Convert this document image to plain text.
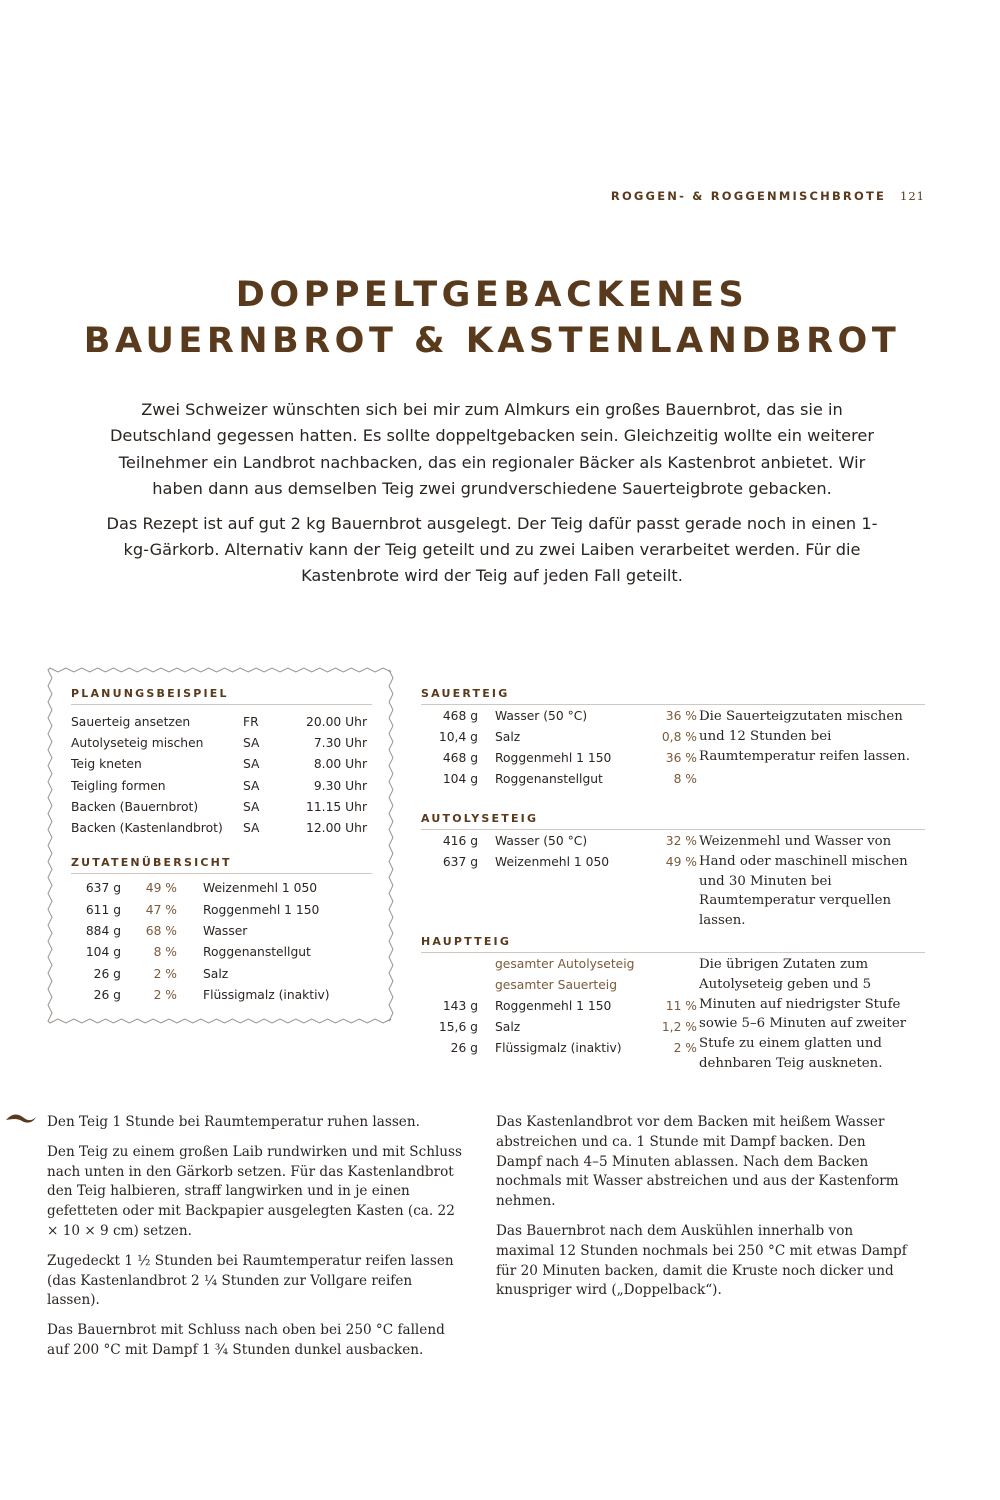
ROGGEN- & ROGGENMISCHBROTE 121
DOPPELTGEBACKENES
BAUERNBROT & KASTENLANDBROT

Zwei Schweizer wünschten sich bei mir zum Almkurs ein großes Bauernbrot, das sie in Deutschland gegessen hatten. Es sollte doppeltgebacken sein. Gleichzeitig wollte ein weiterer Teilnehmer ein Landbrot nachbacken, das ein regionaler Bäcker als Kastenbrot anbietet. Wir haben dann aus demselben Teig zwei grundverschiedene Sauerteigbrote gebacken.

Das Rezept ist auf gut 2 kg Bauernbrot ausgelegt. Der Teig dafür passt gerade noch in einen 1-kg-Gärkorb. Alternativ kann der Teig geteilt und zu zwei Laiben verarbeitet werden. Für die Kastenbrote wird der Teig auf jeden Fall geteilt.

PLANUNGSBEISPIEL
Sauerteig ansetzen	FR	20.00 Uhr
Autolyseteig mischen	SA	7.30 Uhr
Teig kneten	SA	8.00 Uhr
Teigling formen	SA	9.30 Uhr
Backen (Bauernbrot)	SA	11.15 Uhr
Backen (Kastenlandbrot)	SA	12.00 Uhr
ZUTATENÜBERSICHT
637 g	49 %	Weizenmehl 1 050
611 g	47 %	Roggenmehl 1 150
884 g	68 %	Wasser
104 g	8 %	Roggenanstellgut
26 g	2 %	Salz
26 g	2 %	Flüssigmalz (inaktiv)
SAUERTEIG
468 g	Wasser (50 °C)	36 %
10,4 g	Salz	0,8 %
468 g	Roggenmehl 1 150	36 %
104 g	Roggenanstellgut	8 %
Die Sauerteigzutaten mischen und 12 Stunden bei Raumtemperatur reifen lassen.
AUTOLYSETEIG
416 g	Wasser (50 °C)	32 %
637 g	Weizenmehl 1 050	49 %
Weizenmehl und Wasser von Hand oder maschinell mischen und 30 Minuten bei Raumtemperatur verquellen lassen.
HAUPTTEIG
gesamter Autolyseteig
gesamter Sauerteig
143 g	Roggenmehl 1 150	11 %
15,6 g	Salz	1,2 %
26 g	Flüssigmalz (inaktiv)	2 %
Die übrigen Zutaten zum Autolyseteig geben und 5 Minuten auf niedrigster Stufe sowie 5–6 Minuten auf zweiter Stufe zu einem glatten und dehnbaren Teig auskneten.

Den Teig 1 Stunde bei Raumtemperatur ruhen lassen.

Den Teig zu einem großen Laib rundwirken und mit Schluss nach unten in den Gärkorb setzen. Für das Kastenlandbrot den Teig halbieren, straff langwirken und in je einen gefetteten oder mit Backpapier ausgelegten Kasten (ca. 22 × 10 × 9 cm) setzen.

Zugedeckt 1 ½ Stunden bei Raumtemperatur reifen lassen (das Kastenlandbrot 2 ¼ Stunden zur Vollgare reifen lassen).

Das Bauernbrot mit Schluss nach oben bei 250 °C fallend auf 200 °C mit Dampf 1 ¾ Stunden dunkel ausbacken.

Das Kastenlandbrot vor dem Backen mit heißem Wasser abstreichen und ca. 1 Stunde mit Dampf backen. Den Dampf nach 4–5 Minuten ablassen. Nach dem Backen nochmals mit Wasser abstreichen und aus der Kastenform nehmen.

Das Bauernbrot nach dem Auskühlen innerhalb von maximal 12 Stunden nochmals bei 250 °C mit etwas Dampf für 20 Minuten backen, damit die Kruste noch dicker und knuspriger wird („Doppelback“).
